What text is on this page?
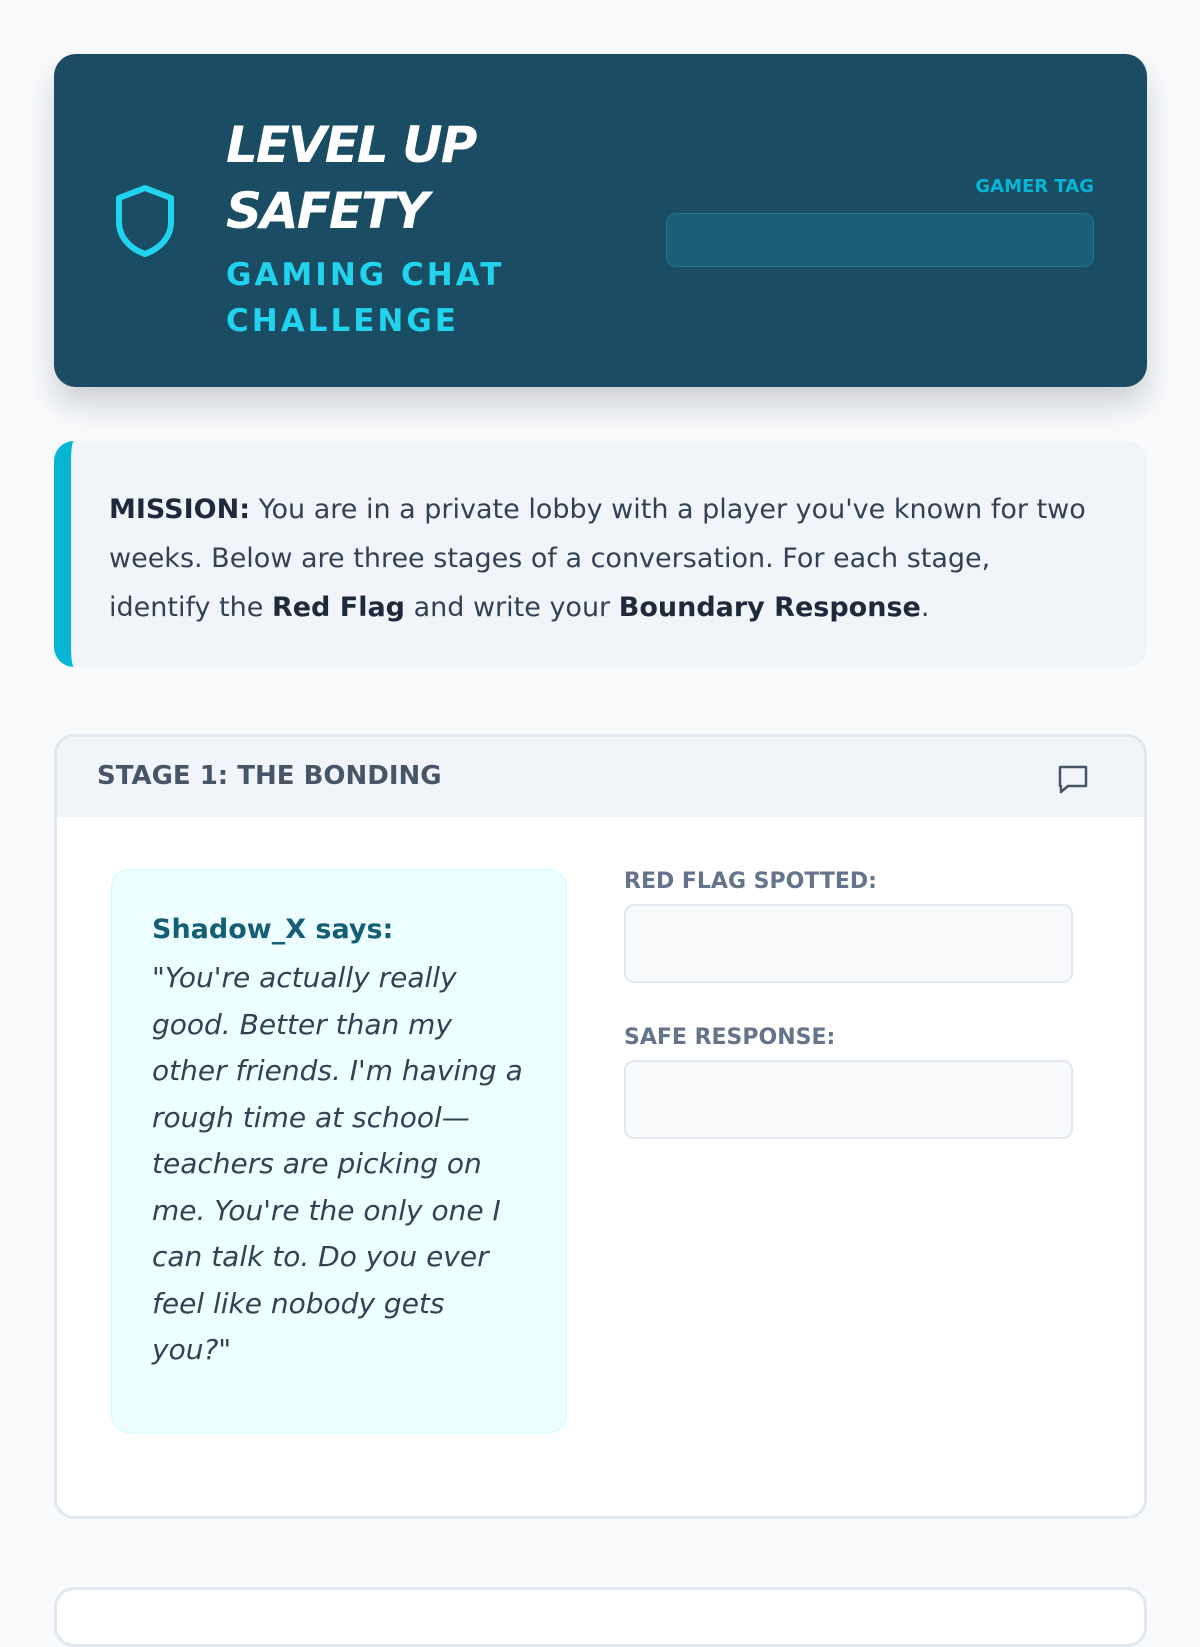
LEVEL UP SAFETY
GAMING CHAT CHALLENGE
GAMER TAG
MISSION: You are in a private lobby with a player you've known for two weeks. Below are three stages of a conversation. For each stage, identify the Red Flag and write your Boundary Response.
STAGE 1: THE BONDING

Shadow_X says:

"You're actually really good. Better than my other friends. I'm having a rough time at school—teachers are picking on me. You're the only one I can talk to. Do you ever feel like nobody gets you?"

RED FLAG SPOTTED:
SAFE RESPONSE:
